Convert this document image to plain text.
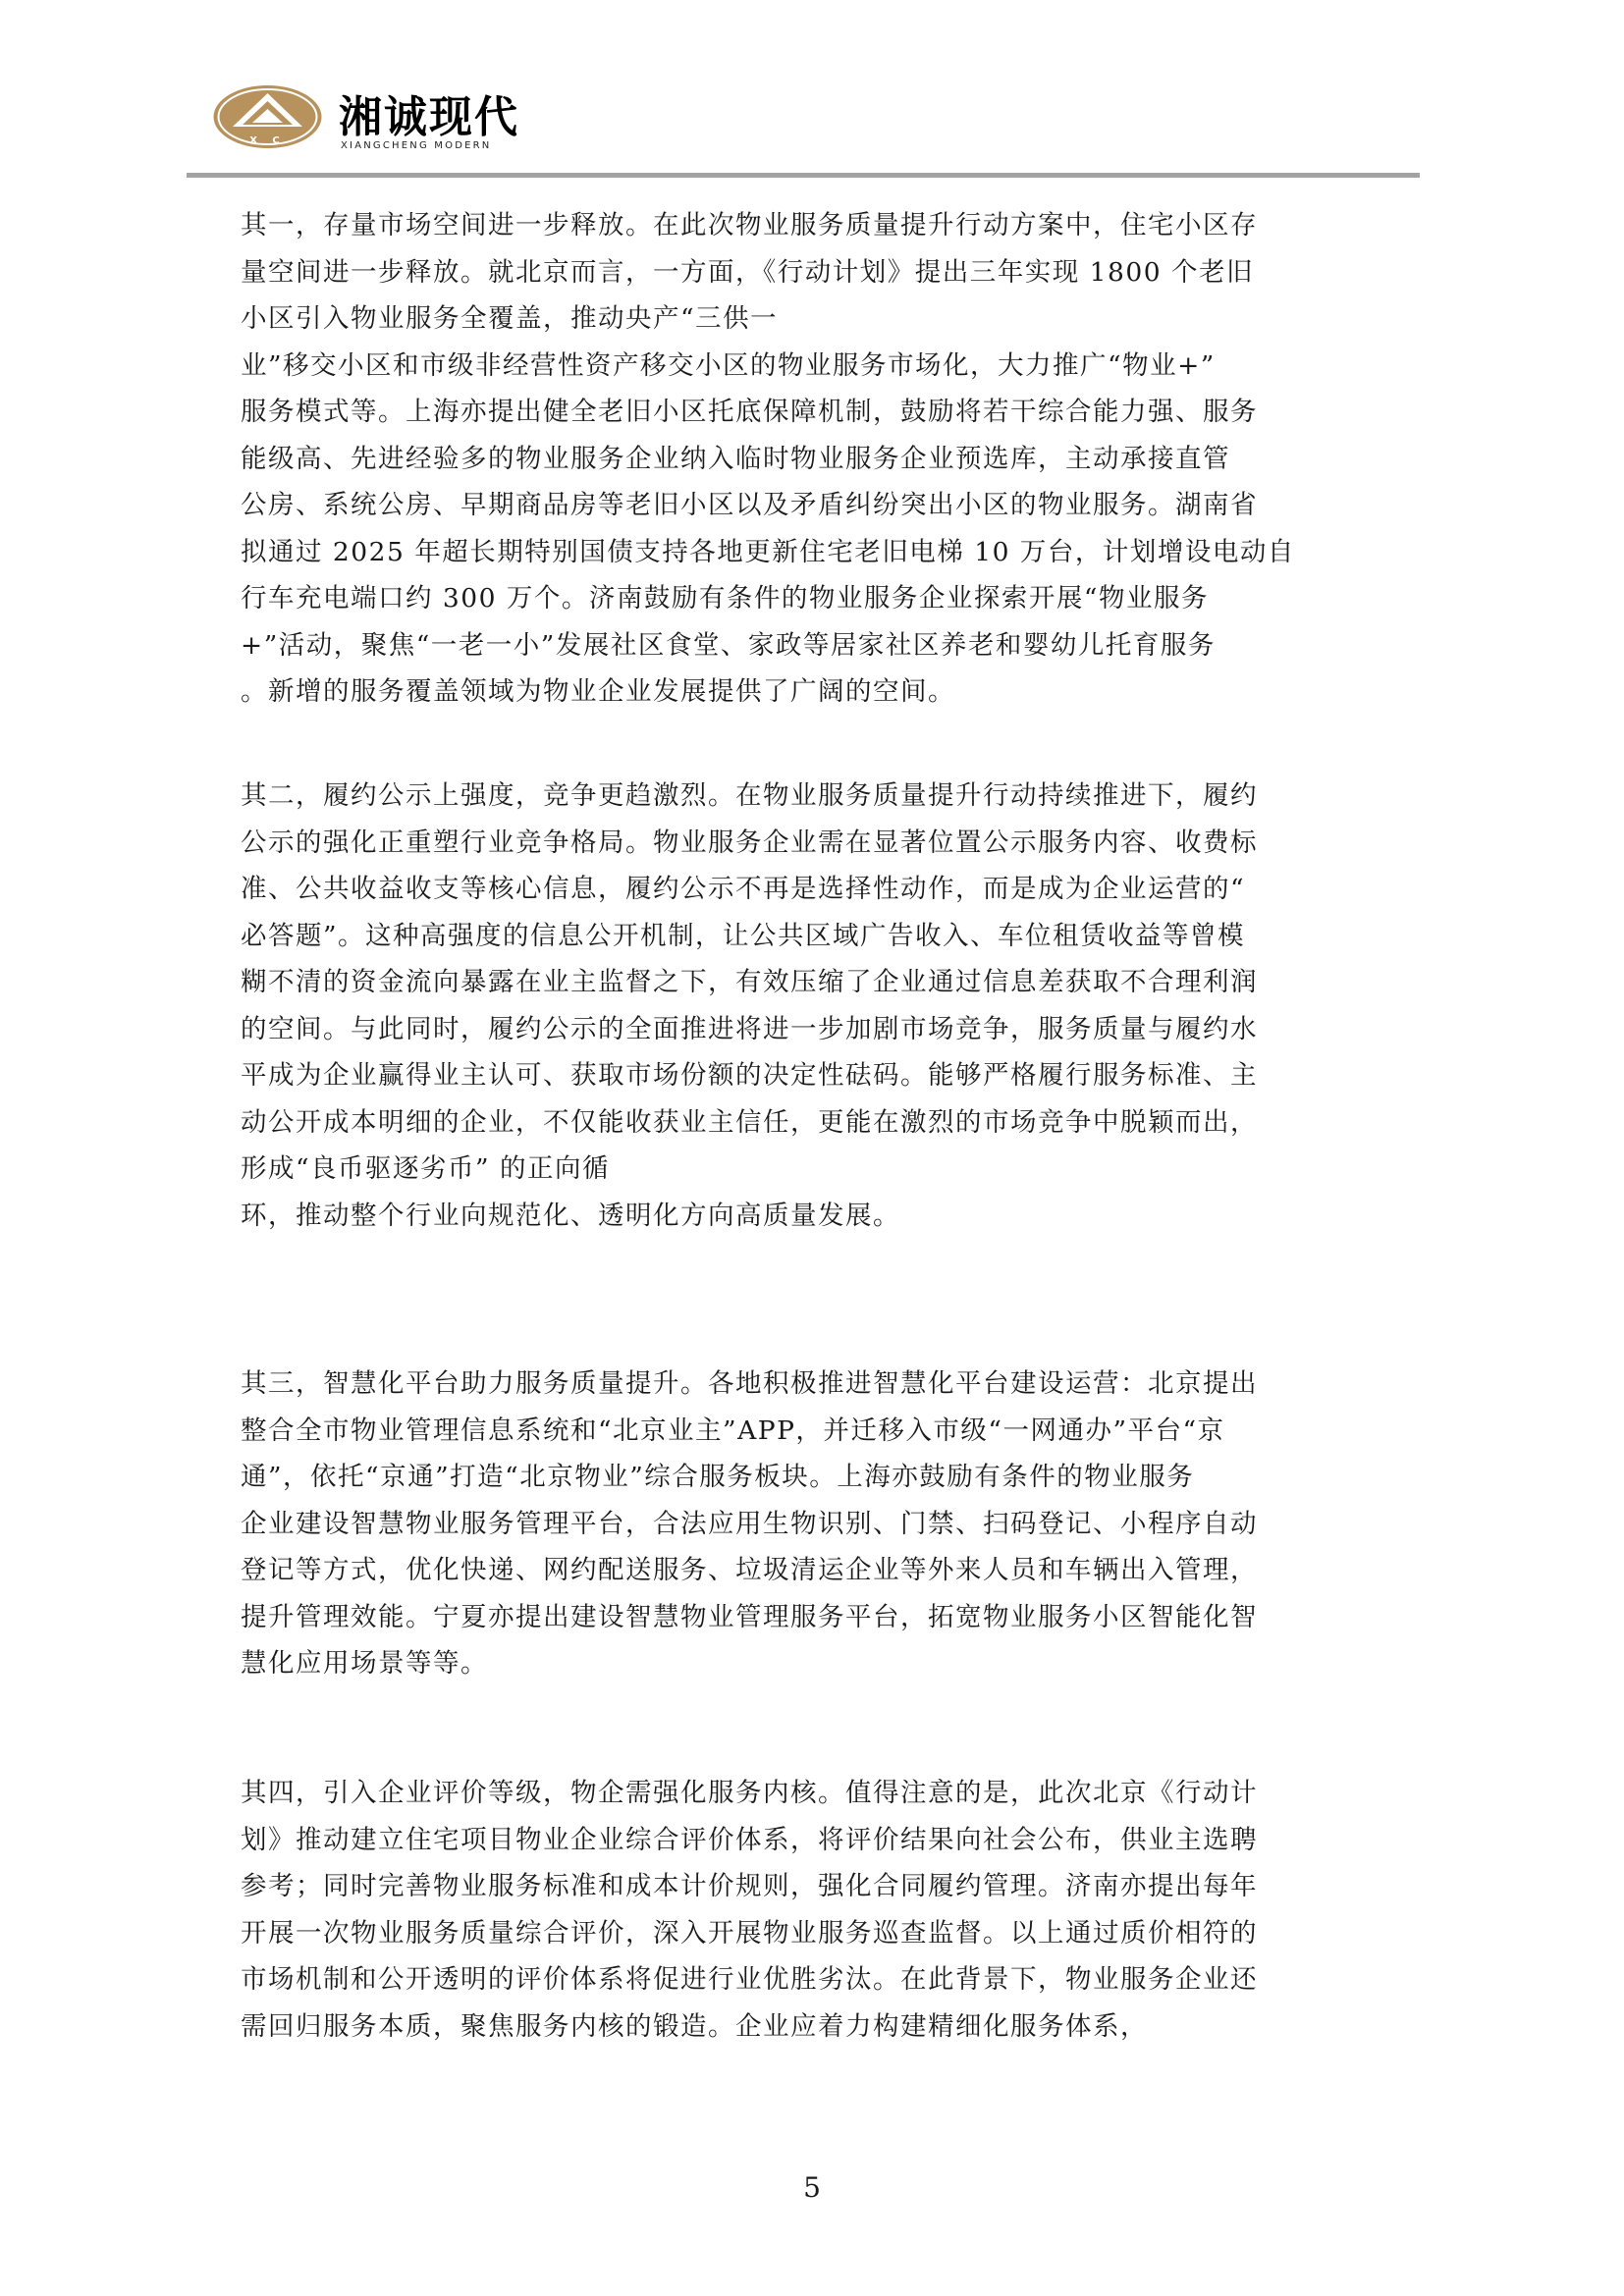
X C 湘诚现代
XIANGCHENG MODERN
其一，存量市场空间进一步释放。在此次物业服务质量提升行动方案中，住宅小区存
量空间进一步释放。就北京而言，一方面，《行动计划》提出三年实现 1800 个老旧
小区引入物业服务全覆盖，推动央产“三供一
业”移交小区和市级非经营性资产移交小区的物业服务市场化，大力推广“物业+”
服务模式等。上海亦提出健全老旧小区托底保障机制，鼓励将若干综合能力强、服务
能级高、先进经验多的物业服务企业纳入临时物业服务企业预选库，主动承接直管
公房、系统公房、早期商品房等老旧小区以及矛盾纠纷突出小区的物业服务。湖南省
拟通过 2025 年超长期特别国债支持各地更新住宅老旧电梯 10 万台，计划增设电动自
行车充电端口约 300 万个。济南鼓励有条件的物业服务企业探索开展“物业服务
+”活动，聚焦“一老一小”发展社区食堂、家政等居家社区养老和婴幼儿托育服务
。新增的服务覆盖领域为物业企业发展提供了广阔的空间。
其二，履约公示上强度，竞争更趋激烈。在物业服务质量提升行动持续推进下，履约
公示的强化正重塑行业竞争格局。物业服务企业需在显著位置公示服务内容、收费标
准、公共收益收支等核心信息，履约公示不再是选择性动作，而是成为企业运营的“
必答题”。这种高强度的信息公开机制，让公共区域广告收入、车位租赁收益等曾模
糊不清的资金流向暴露在业主监督之下，有效压缩了企业通过信息差获取不合理利润
的空间。与此同时，履约公示的全面推进将进一步加剧市场竞争，服务质量与履约水
平成为企业赢得业主认可、获取市场份额的决定性砝码。能够严格履行服务标准、主
动公开成本明细的企业，不仅能收获业主信任，更能在激烈的市场竞争中脱颖而出，
形成“良币驱逐劣币” 的正向循
环，推动整个行业向规范化、透明化方向高质量发展。
其三，智慧化平台助力服务质量提升。各地积极推进智慧化平台建设运营：北京提出
整合全市物业管理信息系统和“北京业主”APP，并迁移入市级“一网通办”平台“京
通”，依托“京通”打造“北京物业”综合服务板块。上海亦鼓励有条件的物业服务
企业建设智慧物业服务管理平台，合法应用生物识别、门禁、扫码登记、小程序自动
登记等方式，优化快递、网约配送服务、垃圾清运企业等外来人员和车辆出入管理，
提升管理效能。宁夏亦提出建设智慧物业管理服务平台，拓宽物业服务小区智能化智
慧化应用场景等等。
其四，引入企业评价等级，物企需强化服务内核。值得注意的是，此次北京《行动计
划》推动建立住宅项目物业企业综合评价体系，将评价结果向社会公布，供业主选聘
参考；同时完善物业服务标准和成本计价规则，强化合同履约管理。济南亦提出每年
开展一次物业服务质量综合评价，深入开展物业服务巡查监督。以上通过质价相符的
市场机制和公开透明的评价体系将促进行业优胜劣汰。在此背景下，物业服务企业还
需回归服务本质，聚焦服务内核的锻造。企业应着力构建精细化服务体系，
5
